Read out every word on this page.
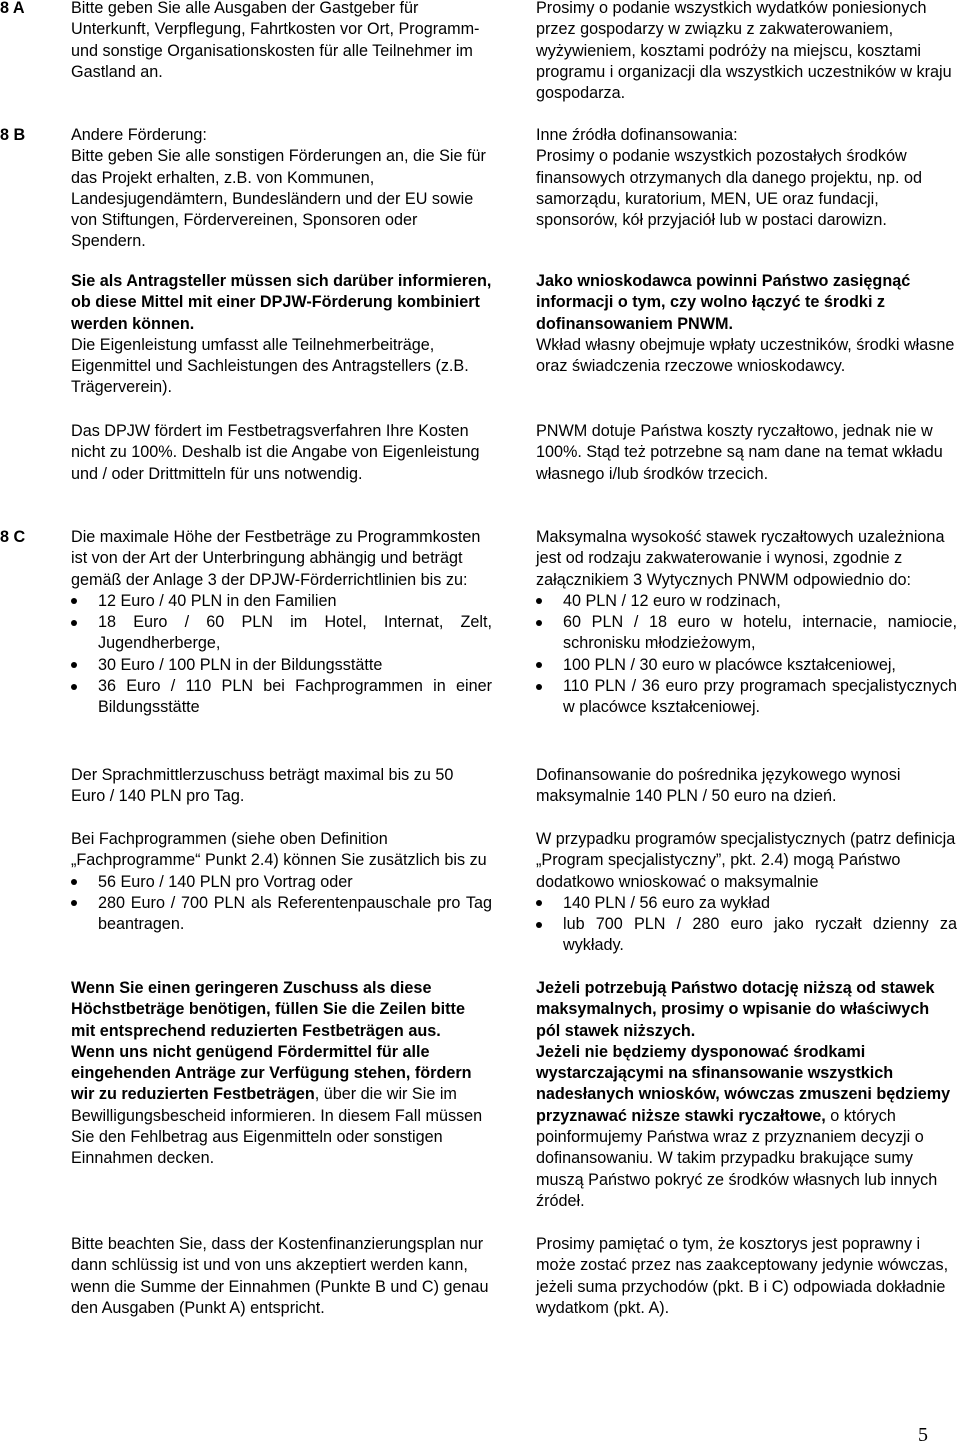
8 A
8 B
8 C

Bitte geben Sie alle Ausgaben der Gastgeber für Unterkunft, Verpflegung, Fahrtkosten vor Ort, Programm- und sonstige Organisationskosten für alle Teilnehmer im Gastland an.

Prosimy o podanie wszystkich wydatków poniesionych przez gospodarzy w związku z zakwaterowaniem, wyżywieniem, kosztami podróży na miejscu, kosztami programu i organizacji dla wszystkich uczestników w kraju gospodarza.

Andere Förderung:

Bitte geben Sie alle sonstigen Förderungen an, die Sie für das Projekt erhalten, z.B. von Kommunen, Landesjugendämtern, Bundesländern und der EU sowie von Stiftungen, Fördervereinen, Sponsoren oder Spendern.

Sie als Antragsteller müssen sich darüber informieren, ob diese Mittel mit einer DPJW-Förderung kombiniert werden können.

Die Eigenleistung umfasst alle Teilnehmerbeiträge, Eigenmittel und Sachleistungen des Antragstellers (z.B. Trägerverein).

Das DPJW fördert im Festbetragsverfahren Ihre Kosten nicht zu 100%. Deshalb ist die Angabe von Eigenleistung und / oder Drittmitteln für uns notwendig.

Inne źródła dofinansowania:

Prosimy o podanie wszystkich pozostałych środków finansowych otrzymanych dla danego projektu, np. od samorządu, kuratorium, MEN, UE oraz fundacji, sponsorów, kół przyjaciół lub w postaci darowizn.

Jako wnioskodawca powinni Państwo zasięgnąć informacji o tym, czy wolno łączyć te środki z dofinansowaniem PNWM.

Wkład własny obejmuje wpłaty uczestników, środki własne oraz świadczenia rzeczowe wnioskodawcy.

PNWM dotuje Państwa koszty ryczałtowo, jednak nie w 100%. Stąd też potrzebne są nam dane na temat wkładu własnego i/lub środków trzecich.

Die maximale Höhe der Festbeträge zu Programmkosten ist von der Art der Unterbringung abhängig und beträgt gemäß der Anlage 3 der DPJW-Förderrichtlinien bis zu:

12 Euro / 40 PLN in den Familien
18 Euro / 60 PLN im Hotel, Internat, Zelt, Jugendherberge,
30 Euro / 100 PLN in der Bildungsstätte
36 Euro / 110 PLN bei Fachprogrammen in einer Bildungsstätte

Der Sprachmittlerzuschuss beträgt maximal bis zu 50 Euro / 140 PLN pro Tag.

Bei Fachprogrammen (siehe oben Definition „Fachprogramme“ Punkt 2.4) können Sie zusätzlich bis zu

56 Euro / 140 PLN pro Vortrag oder
280 Euro / 700 PLN als Referentenpauschale pro Tag beantragen.

Wenn Sie einen geringeren Zuschuss als diese Höchstbeträge benötigen, füllen Sie die Zeilen bitte mit entsprechend reduzierten Festbeträgen aus.

Wenn uns nicht genügend Fördermittel für alle eingehenden Anträge zur Verfügung stehen, fördern wir zu reduzierten Festbeträgen, über die wir Sie im Bewilligungsbescheid informieren. In diesem Fall müssen Sie den Fehlbetrag aus Eigenmitteln oder sonstigen Einnahmen decken.

Bitte beachten Sie, dass der Kostenfinanzierungsplan nur dann schlüssig ist und von uns akzeptiert werden kann, wenn die Summe der Einnahmen (Punkte B und C) genau den Ausgaben (Punkt A) entspricht.

Maksymalna wysokość stawek ryczałtowych uzależniona jest od rodzaju zakwaterowanie i wynosi, zgodnie z załącznikiem 3 Wytycznych PNWM odpowiednio do:

40 PLN / 12 euro w rodzinach,
60 PLN / 18 euro w hotelu, internacie, namiocie, schronisku młodzieżowym,
100 PLN / 30 euro w placówce kształceniowej,
110 PLN / 36 euro przy programach specjalistycznych w placówce kształceniowej.

Dofinansowanie do pośrednika językowego wynosi maksymalnie 140 PLN / 50 euro na dzień.

W przypadku programów specjalistycznych (patrz definicja „Program specjalistyczny”, pkt. 2.4) mogą Państwo dodatkowo wnioskować o maksymalnie

140 PLN / 56 euro za wykład
lub 700 PLN / 280 euro jako ryczałt dzienny za wykłady.

Jeżeli potrzebują Państwo dotację niższą od stawek maksymalnych, prosimy o wpisanie do właściwych pól stawek niższych.

Jeżeli nie będziemy dysponować środkami wystarczającymi na sfinansowanie wszystkich nadesłanych wniosków, wówczas zmuszeni będziemy przyznawać niższe stawki ryczałtowe, o których poinformujemy Państwa wraz z przyznaniem decyzji o dofinansowaniu. W takim przypadku brakujące sumy muszą Państwo pokryć ze środków własnych lub innych źródeł.

Prosimy pamiętać o tym, że kosztorys jest poprawny i może zostać przez nas zaakceptowany jedynie wówczas, jeżeli suma przychodów (pkt. B i C) odpowiada dokładnie wydatkom (pkt. A).

5
